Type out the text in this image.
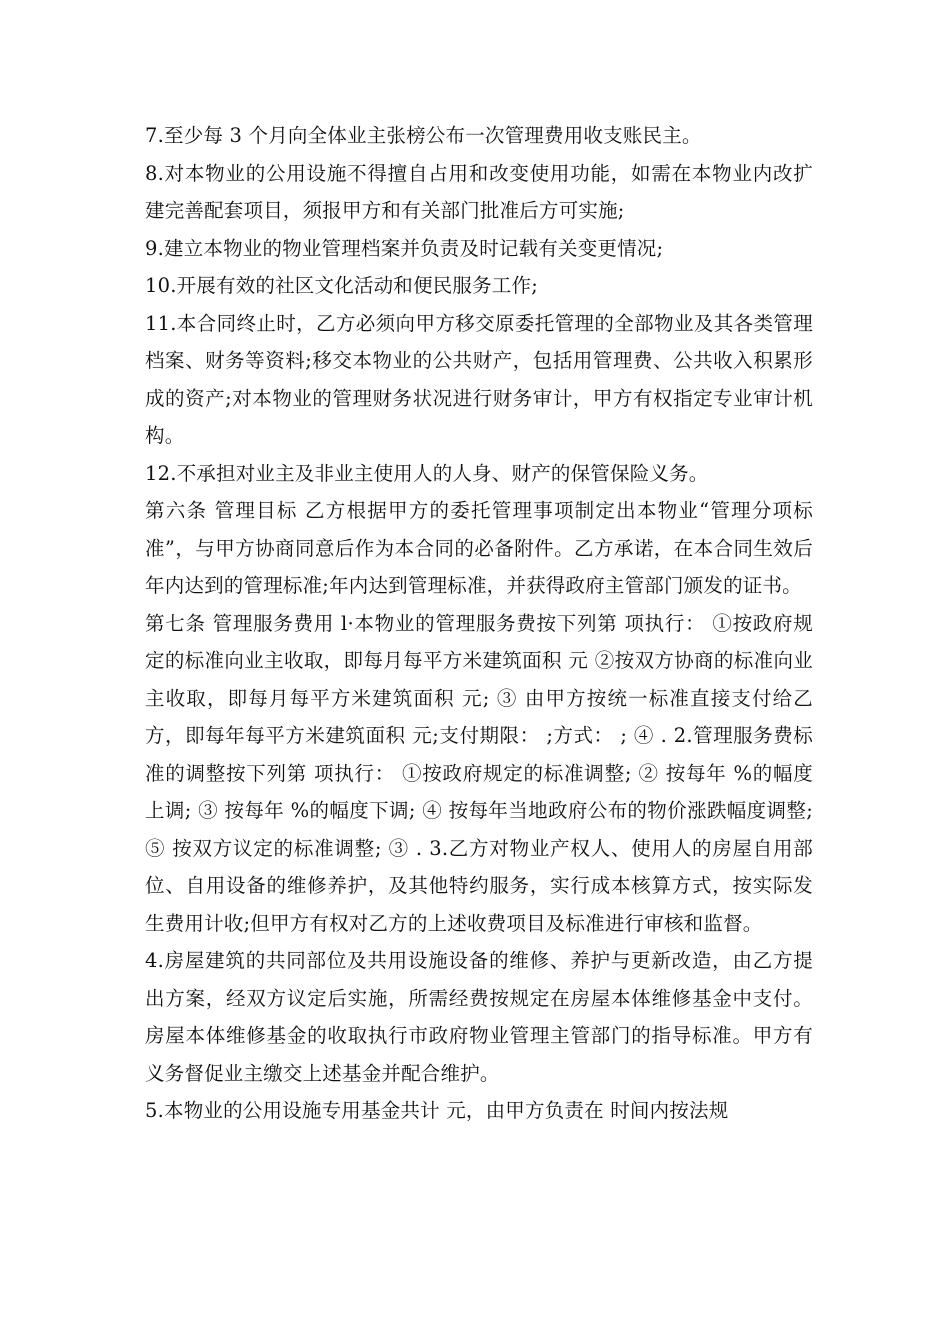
7.至少每 3 个月向全体业主张榜公布一次管理费用收支账民主。

8.对本物业的公用设施不得擅自占用和改变使用功能，如需在本物业内改扩建完善配套项目，须报甲方和有关部门批准后方可实施;

9.建立本物业的物业管理档案并负责及时记载有关变更情况;

10.开展有效的社区文化活动和便民服务工作;

11.本合同终止时，乙方必须向甲方移交原委托管理的全部物业及其各类管理档案、财务等资料;移交本物业的公共财产，包括用管理费、公共收入积累形成的资产;对本物业的管理财务状况进行财务审计，甲方有权指定专业审计机构。

12.不承担对业主及非业主使用人的人身、财产的保管保险义务。

第六条 管理目标 乙方根据甲方的委托管理事项制定出本物业“管理分项标准”，与甲方协商同意后作为本合同的必备附件。乙方承诺，在本合同生效后年内达到的管理标准;年内达到管理标准，并获得政府主管部门颁发的证书。

第七条 管理服务费用 l·本物业的管理服务费按下列第 项执行： ①按政府规定的标准向业主收取，即每月每平方米建筑面积 元 ②按双方协商的标准向业主收取，即每月每平方米建筑面积 元; ③ 由甲方按统一标准直接支付给乙方，即每年每平方米建筑面积 元;支付期限： ;方式： ; ④ . 2.管理服务费标准的调整按下列第 项执行： ①按政府规定的标准调整; ② 按每年 %的幅度上调; ③ 按每年 %的幅度下调; ④ 按每年当地政府公布的物价涨跌幅度调整; ⑤ 按双方议定的标准调整; ③ . 3.乙方对物业产权人、使用人的房屋自用部位、自用设备的维修养护，及其他特约服务，实行成本核算方式，按实际发生费用计收;但甲方有权对乙方的上述收费项目及标准进行审核和监督。

4.房屋建筑的共同部位及共用设施设备的维修、养护与更新改造，由乙方提出方案，经双方议定后实施，所需经费按规定在房屋本体维修基金中支付。房屋本体维修基金的收取执行市政府物业管理主管部门的指导标准。甲方有义务督促业主缴交上述基金并配合维护。

5.本物业的公用设施专用基金共计 元，由甲方负责在 时间内按法规
